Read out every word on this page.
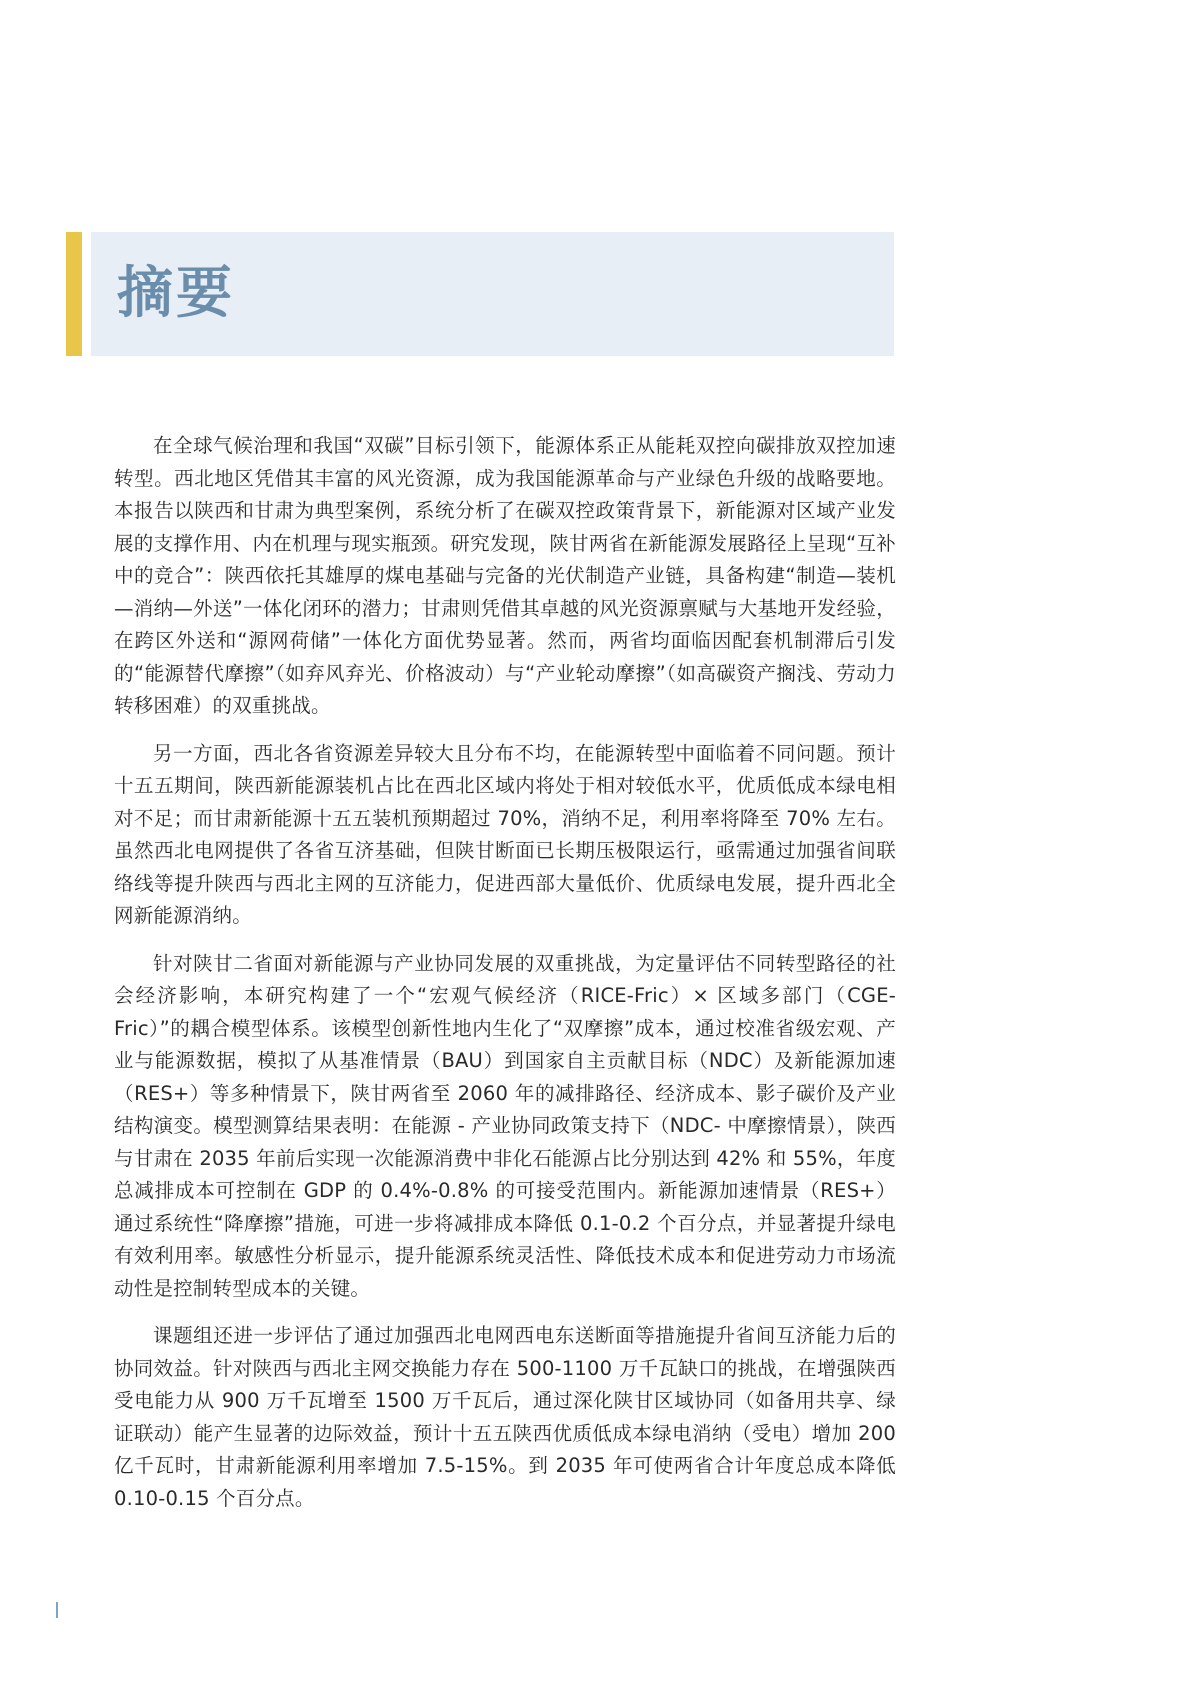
摘要

在全球气候治理和我国“双碳”目标引领下，能源体系正从能耗双控向碳排放双控加速转型。西北地区凭借其丰富的风光资源，成为我国能源革命与产业绿色升级的战略要地。本报告以陕西和甘肃为典型案例，系统分析了在碳双控政策背景下，新能源对区域产业发展的支撑作用、内在机理与现实瓶颈。研究发现，陕甘两省在新能源发展路径上呈现“互补中的竞合”：陕西依托其雄厚的煤电基础与完备的光伏制造产业链，具备构建“制造—装机—消纳—外送”一体化闭环的潜力；甘肃则凭借其卓越的风光资源禀赋与大基地开发经验，在跨区外送和“源网荷储”一体化方面优势显著。然而，两省均面临因配套机制滞后引发的“能源替代摩擦”（如弃风弃光、价格波动）与“产业轮动摩擦”（如高碳资产搁浅、劳动力转移困难）的双重挑战。

另一方面，西北各省资源差异较大且分布不均，在能源转型中面临着不同问题。预计十五五期间，陕西新能源装机占比在西北区域内将处于相对较低水平，优质低成本绿电相对不足；而甘肃新能源十五五装机预期超过 70%，消纳不足，利用率将降至 70% 左右。虽然西北电网提供了各省互济基础，但陕甘断面已长期压极限运行，亟需通过加强省间联络线等提升陕西与西北主网的互济能力，促进西部大量低价、优质绿电发展，提升西北全网新能源消纳。

针对陕甘二省面对新能源与产业协同发展的双重挑战，为定量评估不同转型路径的社会经济影响，本研究构建了一个“宏观气候经济（RICE-Fric）× 区域多部门（CGE-Fric）”的耦合模型体系。该模型创新性地内生化了“双摩擦”成本，通过校准省级宏观、产业与能源数据，模拟了从基准情景（BAU）到国家自主贡献目标（NDC）及新能源加速（RES+）等多种情景下，陕甘两省至 2060 年的减排路径、经济成本、影子碳价及产业结构演变。模型测算结果表明：在能源 - 产业协同政策支持下（NDC- 中摩擦情景），陕西与甘肃在 2035 年前后实现一次能源消费中非化石能源占比分别达到 42% 和 55%，年度总减排成本可控制在 GDP 的 0.4%-0.8% 的可接受范围内。新能源加速情景（RES+）通过系统性“降摩擦”措施，可进一步将减排成本降低 0.1-0.2 个百分点，并显著提升绿电有效利用率。敏感性分析显示，提升能源系统灵活性、降低技术成本和促进劳动力市场流动性是控制转型成本的关键。

课题组还进一步评估了通过加强西北电网西电东送断面等措施提升省间互济能力后的协同效益。针对陕西与西北主网交换能力存在 500-1100 万千瓦缺口的挑战，在增强陕西受电能力从 900 万千瓦增至 1500 万千瓦后，通过深化陕甘区域协同（如备用共享、绿证联动）能产生显著的边际效益，预计十五五陕西优质低成本绿电消纳（受电）增加 200 亿千瓦时，甘肃新能源利用率增加 7.5-15%。到 2035 年可使两省合计年度总成本降低 0.10-0.15 个百分点。
